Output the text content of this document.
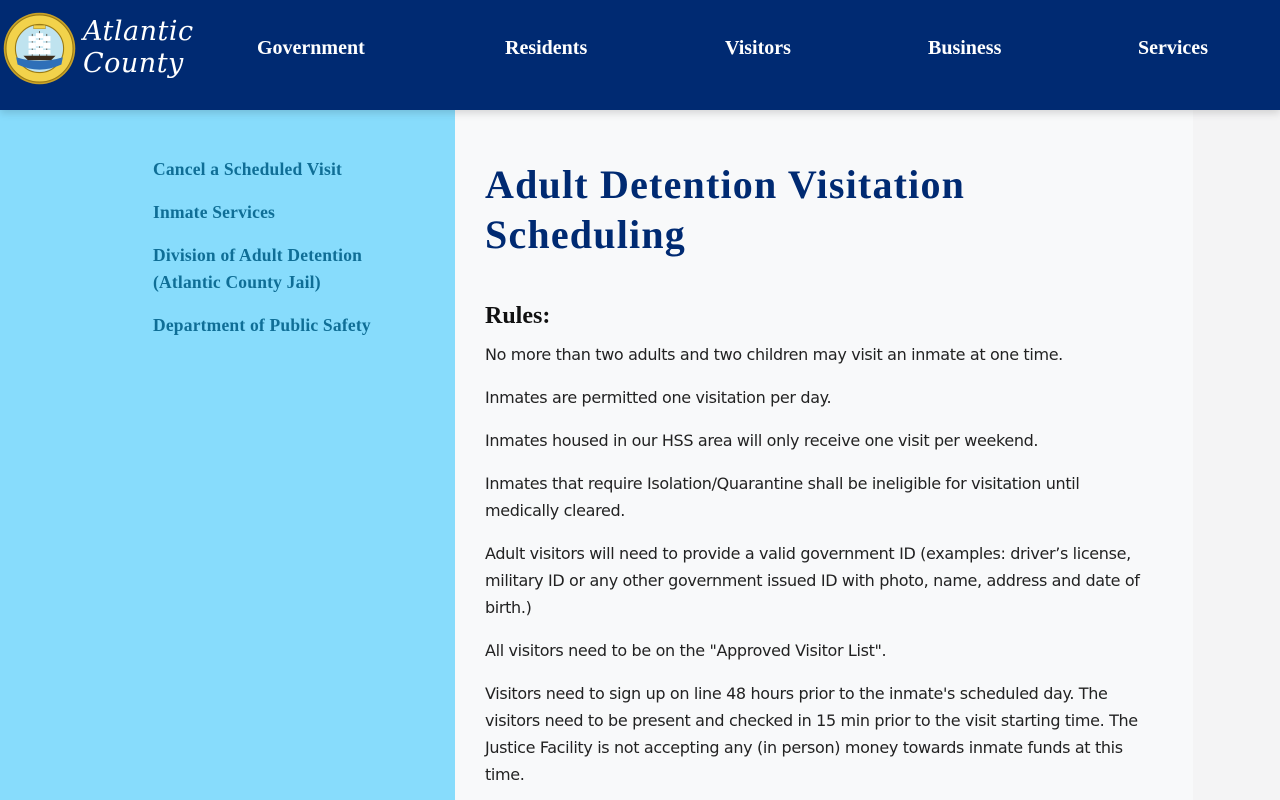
Atlantic
County	Government	Residents	Visitors	Business	Services
Cancel a Scheduled Visit
Inmate Services
Division of Adult Detention (Atlantic County Jail)
Department of Public Safety
Adult Detention Visitation Scheduling
Rules:

No more than two adults and two children may visit an inmate at one time.

Inmates are permitted one visitation per day.

Inmates housed in our HSS area will only receive one visit per weekend.

Inmates that require Isolation/Quarantine shall be ineligible for visitation until medically cleared.

Adult visitors will need to provide a valid government ID (examples: driver’s license, military ID or any other government issued ID with photo, name, address and date of birth.)

All visitors need to be on the "Approved Visitor List".

Visitors need to sign up on line 48 hours prior to the inmate's scheduled day. The visitors need to be present and checked in 15 min prior to the visit starting time. The Justice Facility is not accepting any (in person) money towards inmate funds at this time.
